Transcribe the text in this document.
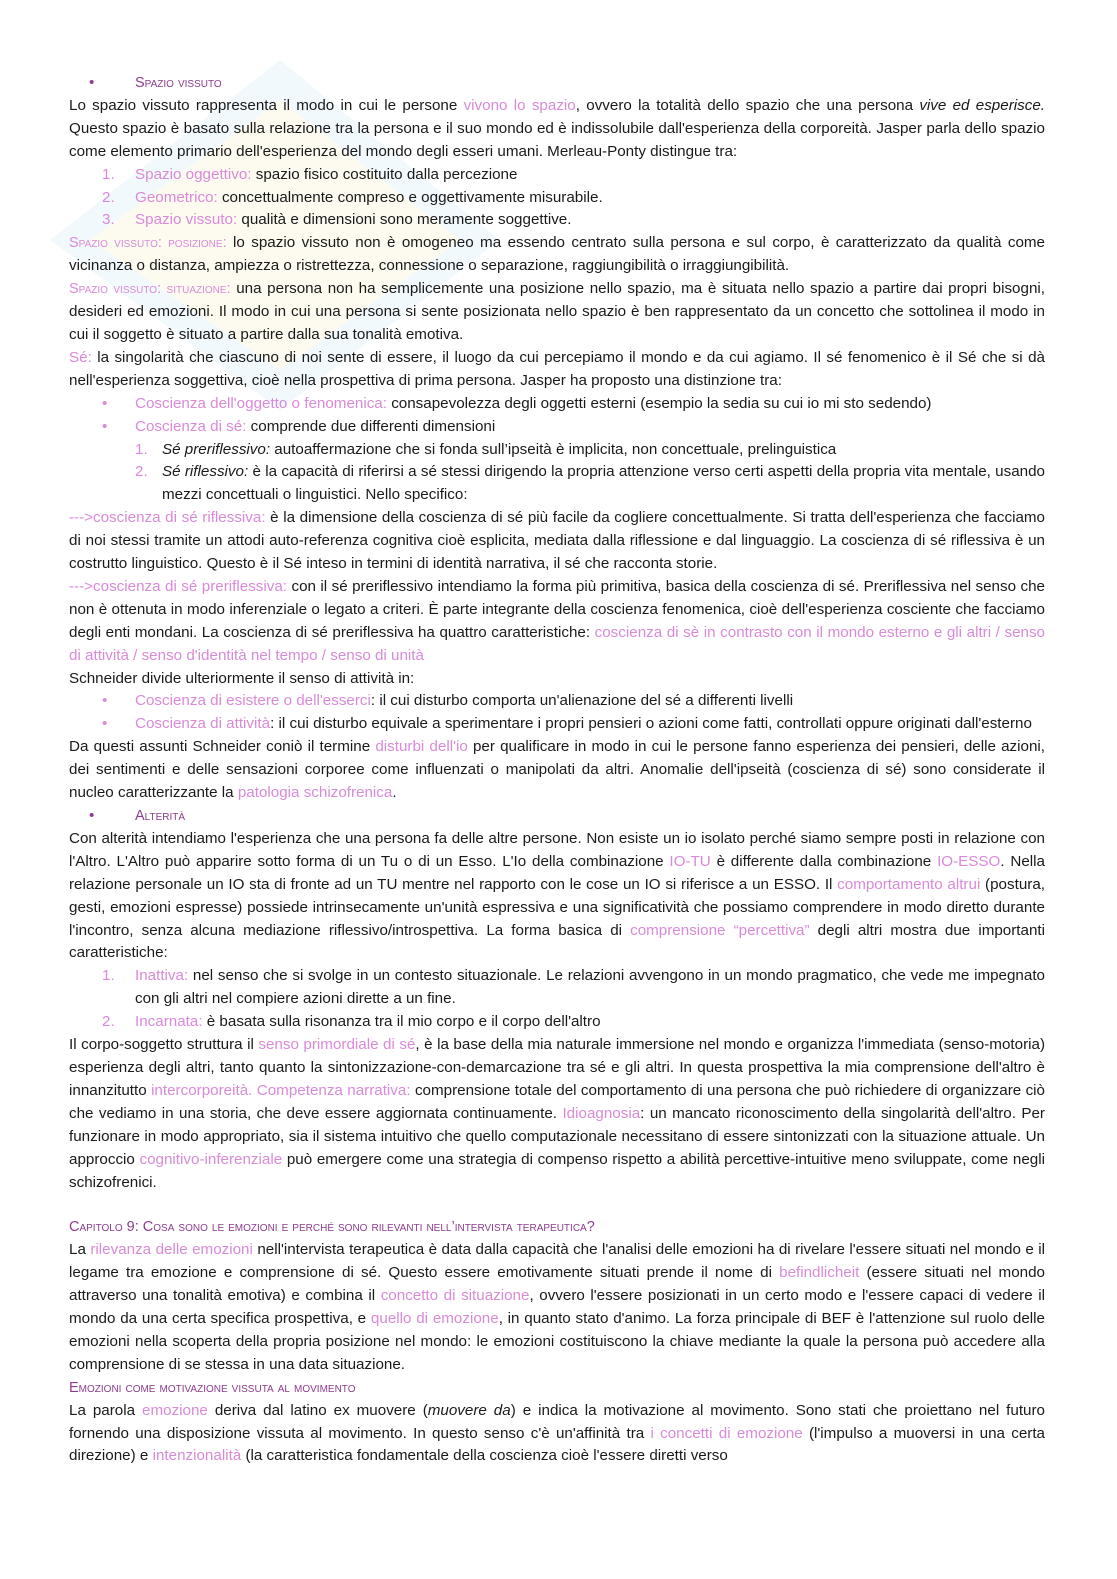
• Spazio vissuto

Lo spazio vissuto rappresenta il modo in cui le persone vivono lo spazio, ovvero la totalità dello spazio che una persona vive ed esperisce. Questo spazio è basato sulla relazione tra la persona e il suo mondo ed è indissolubile dall'esperienza della corporeità. Jasper parla dello spazio come elemento primario dell'esperienza del mondo degli esseri umani. Merleau-Ponty distingue tra:

1. Spazio oggettivo: spazio fisico costituito dalla percezione

2. Geometrico: concettualmente compreso e oggettivamente misurabile.

3. Spazio vissuto: qualità e dimensioni sono meramente soggettive.

Spazio vissuto: posizione: lo spazio vissuto non è omogeneo ma essendo centrato sulla persona e sul corpo, è caratterizzato da qualità come vicinanza o distanza, ampiezza o ristrettezza, connessione o separazione, raggiungibilità o irraggiungibilità.

Spazio vissuto: situazione: una persona non ha semplicemente una posizione nello spazio, ma è situata nello spazio a partire dai propri bisogni, desideri ed emozioni. Il modo in cui una persona si sente posizionata nello spazio è ben rappresentato da un concetto che sottolinea il modo in cui il soggetto è situato a partire dalla sua tonalità emotiva.

Sé: la singolarità che ciascuno di noi sente di essere, il luogo da cui percepiamo il mondo e da cui agiamo. Il sé fenomenico è il Sé che si dà nell'esperienza soggettiva, cioè nella prospettiva di prima persona. Jasper ha proposto una distinzione tra:

• Coscienza dell'oggetto o fenomenica: consapevolezza degli oggetti esterni (esempio la sedia su cui io mi sto sedendo)

• Coscienza di sé: comprende due differenti dimensioni

1. Sé preriflessivo: autoaffermazione che si fonda sull’ipseità è implicita, non concettuale, prelinguistica

2. Sé riflessivo: è la capacità di riferirsi a sé stessi dirigendo la propria attenzione verso certi aspetti della propria vita mentale, usando mezzi concettuali o linguistici. Nello specifico:

--->coscienza di sé riflessiva: è la dimensione della coscienza di sé più facile da cogliere concettualmente. Si tratta dell'esperienza che facciamo di noi stessi tramite un attodi auto-referenza cognitiva cioè esplicita, mediata dalla riflessione e dal linguaggio. La coscienza di sé riflessiva è un costrutto linguistico. Questo è il Sé inteso in termini di identità narrativa, il sé che racconta storie.

--->coscienza di sé preriflessiva: con il sé preriflessivo intendiamo la forma più primitiva, basica della coscienza di sé. Preriflessiva nel senso che non è ottenuta in modo inferenziale o legato a criteri. È parte integrante della coscienza fenomenica, cioè dell'esperienza cosciente che facciamo degli enti mondani. La coscienza di sé preriflessiva ha quattro caratteristiche: coscienza di sè in contrasto con il mondo esterno e gli altri / senso di attività / senso d'identità nel tempo / senso di unità

Schneider divide ulteriormente il senso di attività in:

• Coscienza di esistere o dell'esserci: il cui disturbo comporta un'alienazione del sé a differenti livelli

• Coscienza di attività: il cui disturbo equivale a sperimentare i propri pensieri o azioni come fatti, controllati oppure originati dall'esterno

Da questi assunti Schneider coniò il termine disturbi dell'io per qualificare in modo in cui le persone fanno esperienza dei pensieri, delle azioni, dei sentimenti e delle sensazioni corporee come influenzati o manipolati da altri. Anomalie dell'ipseità (coscienza di sé) sono considerate il nucleo caratterizzante la patologia schizofrenica.

• Alterità

Con alterità intendiamo l'esperienza che una persona fa delle altre persone. Non esiste un io isolato perché siamo sempre posti in relazione con l'Altro. L'Altro può apparire sotto forma di un Tu o di un Esso. L'Io della combinazione IO-TU è differente dalla combinazione IO-ESSO. Nella relazione personale un IO sta di fronte ad un TU mentre nel rapporto con le cose un IO si riferisce a un ESSO. Il comportamento altrui (postura, gesti, emozioni espresse) possiede intrinsecamente un'unità espressiva e una significatività che possiamo comprendere in modo diretto durante l'incontro, senza alcuna mediazione riflessivo/introspettiva. La forma basica di comprensione “percettiva” degli altri mostra due importanti caratteristiche:

1. Inattiva: nel senso che si svolge in un contesto situazionale. Le relazioni avvengono in un mondo pragmatico, che vede me impegnato con gli altri nel compiere azioni dirette a un fine.

2. Incarnata: è basata sulla risonanza tra il mio corpo e il corpo dell'altro

Il corpo-soggetto struttura il senso primordiale di sé, è la base della mia naturale immersione nel mondo e organizza l'immediata (senso-motoria) esperienza degli altri, tanto quanto la sintonizzazione-con-demarcazione tra sé e gli altri. In questa prospettiva la mia comprensione dell'altro è innanzitutto intercorporeità. Competenza narrativa: comprensione totale del comportamento di una persona che può richiedere di organizzare ciò che vediamo in una storia, che deve essere aggiornata continuamente. Idioagnosia: un mancato riconoscimento della singolarità dell'altro. Per funzionare in modo appropriato, sia il sistema intuitivo che quello computazionale necessitano di essere sintonizzati con la situazione attuale. Un approccio cognitivo-inferenziale può emergere come una strategia di compenso rispetto a abilità percettive-intuitive meno sviluppate, come negli schizofrenici.

Capitolo 9: Cosa sono le emozioni e perché sono rilevanti nell’intervista terapeutica?

La rilevanza delle emozioni nell'intervista terapeutica è data dalla capacità che l'analisi delle emozioni ha di rivelare l'essere situati nel mondo e il legame tra emozione e comprensione di sé. Questo essere emotivamente situati prende il nome di befindlicheit (essere situati nel mondo attraverso una tonalità emotiva) e combina il concetto di situazione, ovvero l'essere posizionati in un certo modo e l'essere capaci di vedere il mondo da una certa specifica prospettiva, e quello di emozione, in quanto stato d'animo. La forza principale di BEF è l'attenzione sul ruolo delle emozioni nella scoperta della propria posizione nel mondo: le emozioni costituiscono la chiave mediante la quale la persona può accedere alla comprensione di se stessa in una data situazione.

Emozioni come motivazione vissuta al movimento

La parola emozione deriva dal latino ex muovere (muovere da) e indica la motivazione al movimento. Sono stati che proiettano nel futuro fornendo una disposizione vissuta al movimento. In questo senso c'è un'affinità tra i concetti di emozione (l'impulso a muoversi in una certa direzione) e intenzionalità (la caratteristica fondamentale della coscienza cioè l'essere diretti verso
